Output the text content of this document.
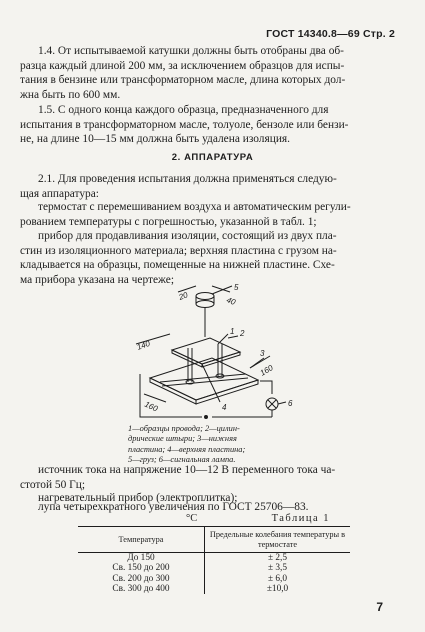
ГОСТ 14340.8—69 Стр. 2
1.4. От испытываемой катушки должны быть отобраны два об-
разца каждый длиной 200 мм, за исключением образцов для испы-
тания в бензине или трансформаторном масле, длина которых дол-
жна быть по 600 мм.
1.5. С одного конца каждого образца, предназначенного для
испытания в трансформаторном масле, толуоле, бензоле или бензи-
не, на длине 10—15 мм должна быть удалена изоляция.
2. АППАРАТУРА
2.1. Для проведения испытания должна применяться следую-
щая аппаратура:
термостат с перемешиванием воздуха и автоматическим регули-
рованием температуры с погрешностью, указанной в табл. 1;
прибор для продавливания изоляции, состоящий из двух пла-
стин из изоляционного материала; верхняя пластина с грузом на-
кладывается на образцы, помещенные на нижней пластине. Схе-
ма прибора указана на чертеже;
5
2
1
3
4	6
20	40
140
160
160
1—образцы провода; 2—цилин-
дрические штыри; 3—нижняя
пластина; 4—верхняя пластина;
5—груз; 6—сигнальная лампа.
источник тока на напряжение 10—12 В переменного тока ча-
стотой 50 Гц;
нагревательный прибор (электроплитка);
лупа четырехкратного увеличения по ГОСТ 25706—83.
°С	Таблица 1
Температура	Предельные колебания температуры в термостате
До 150	± 2,5
Св. 150 до 200	± 3,5
Св. 200 до 300	± 6,0
Св. 300 до 400	±10,0
7
